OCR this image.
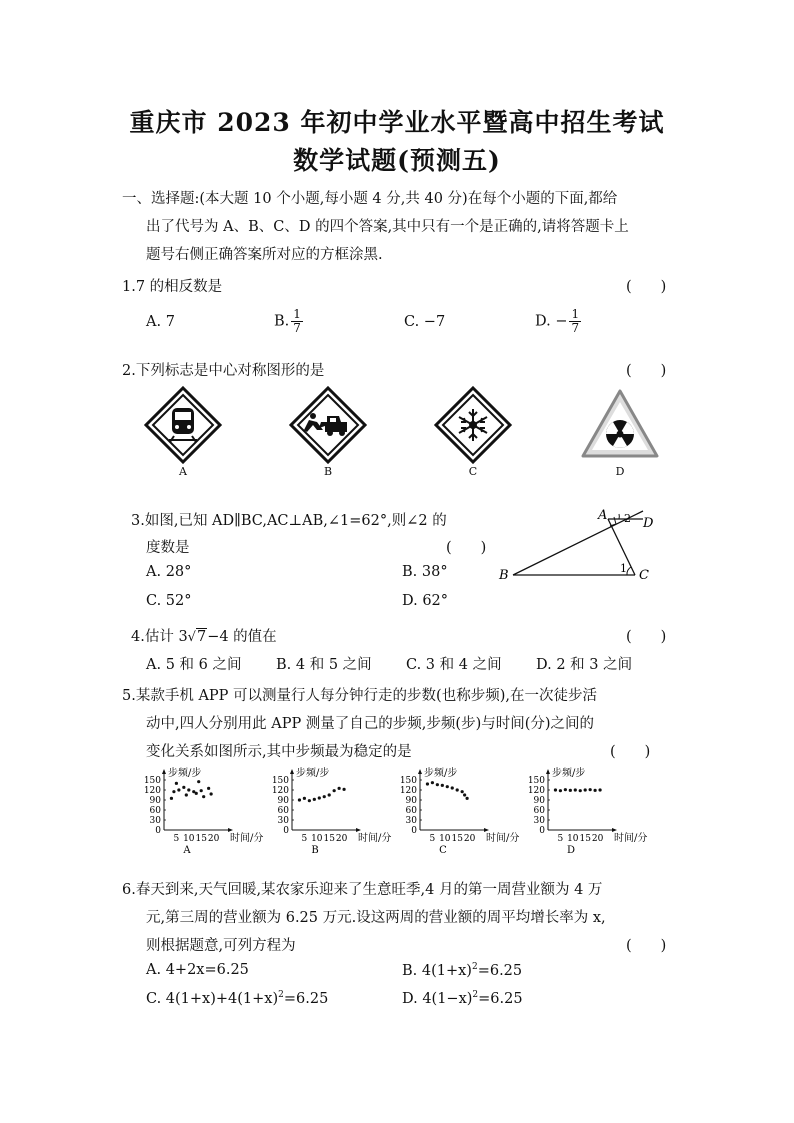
重庆市 2023 年初中学业水平暨高中招生考试
数学试题(预测五)
一、选择题:(本大题 10 个小题,每小题 4 分,共 40 分)在每个小题的下面,都给
出了代号为 A、B、C、D 的四个答案,其中只有一个是正确的,请将答题卡上
题号右侧正确答案所对应的方框涂黑.
1.7 的相反数是	(　　)
A. 7	B. $\frac{1}{7}$	C. −7	D. − $\frac{1}{7}$
2.下列标志是中心对称图形的是	(　　)
A	B	C	D
3.如图,已知 AD∥BC,AC⊥AB,∠1=62°,则∠2 的
度数是	(　　)
A. 28°	B. 38°
C. 52°	D. 62°
A
B	C
D
1
2
4.估计 3√7−4 的值在	(　　)
A. 5 和 6 之间 B. 4 和 5 之间 C. 3 和 4 之间 D. 2 和 3 之间
5.某款手机 APP 可以测量行人每分钟行走的步数(也称步频),在一次徒步活
动中,四人分别用此 APP 测量了自己的步频,步频(步)与时间(分)之间的
变化关系如图所示,其中步频最为稳定的是	(　　)
0
30
60
90
120
150
5 10 15 20
步频/步
时间/分
A
0
30
60
90
120
150
5 10 15 20
步频/步
时间/分
B
0
30
60
90
120
150
5 10 15 20
步频/步
时间/分
C
0
30
60
90
120
150
5 10 15 20
步频/步
时间/分
D
6.春天到来,天气回暖,某农家乐迎来了生意旺季,4 月的第一周营业额为 4 万
元,第三周的营业额为 6.25 万元.设这两周的营业额的周平均增长率为 x,
则根据题意,可列方程为	(　　)
A. 4+2x=6.25	B. $4(1+x)^2=6.25$
C. $4(1+x)+4(1+x)^2=6.25$	D. $4(1-x)^2=6.25$
